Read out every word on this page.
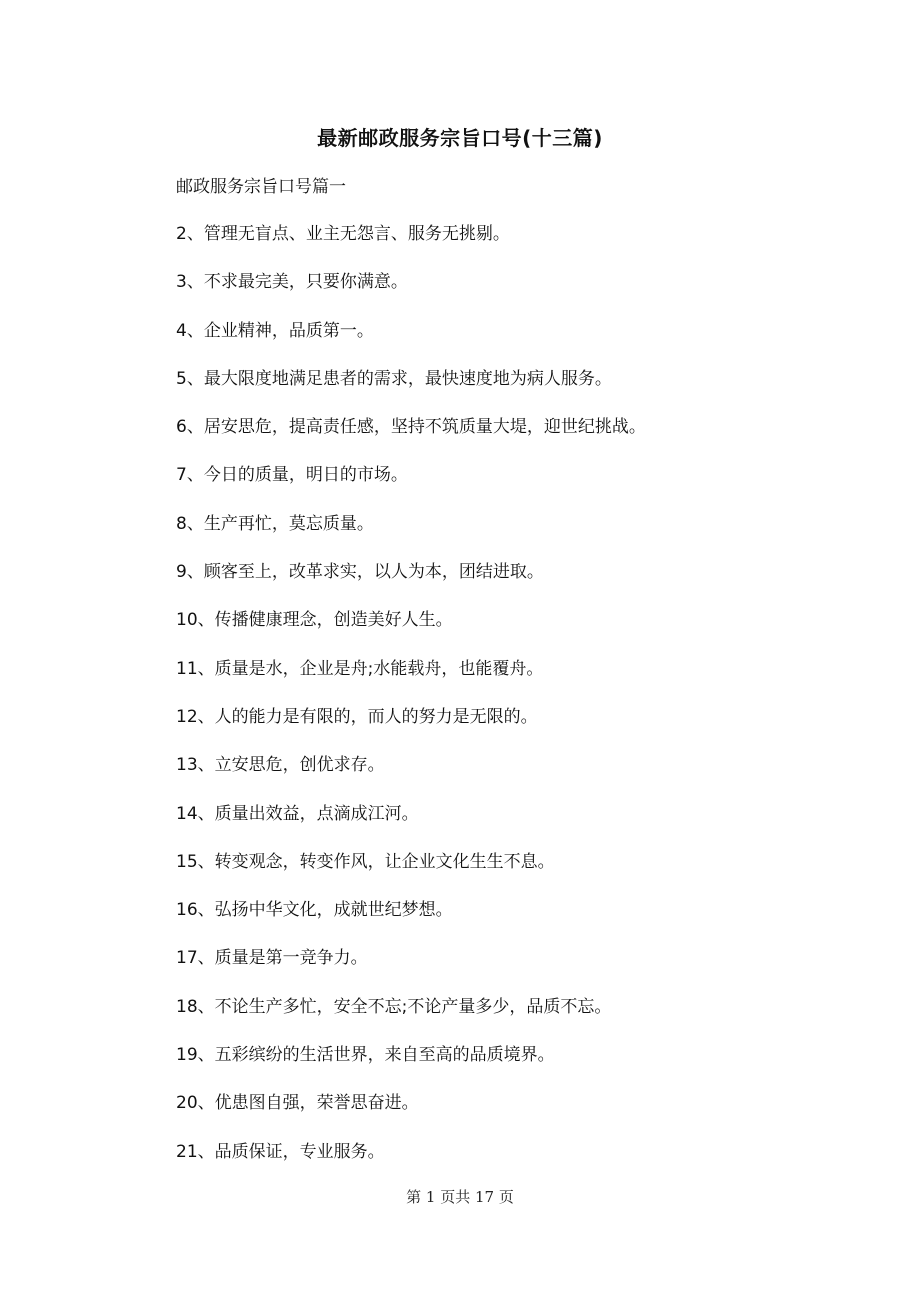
最新邮政服务宗旨口号(十三篇)
邮政服务宗旨口号篇一
2、管理无盲点、业主无怨言、服务无挑剔。
3、不求最完美，只要你满意。
4、企业精神，品质第一。
5、最大限度地满足患者的需求，最快速度地为病人服务。
6、居安思危，提高责任感，坚持不筑质量大堤，迎世纪挑战。
7、今日的质量，明日的市场。
8、生产再忙，莫忘质量。
9、顾客至上，改革求实，以人为本，团结进取。
10、传播健康理念，创造美好人生。
11、质量是水，企业是舟;水能载舟，也能覆舟。
12、人的能力是有限的，而人的努力是无限的。
13、立安思危，创优求存。
14、质量出效益，点滴成江河。
15、转变观念，转变作风，让企业文化生生不息。
16、弘扬中华文化，成就世纪梦想。
17、质量是第一竞争力。
18、不论生产多忙，安全不忘;不论产量多少，品质不忘。
19、五彩缤纷的生活世界，来自至高的品质境界。
20、优患图自强，荣誉思奋进。
21、品质保证，专业服务。
第 1 页共 17 页
